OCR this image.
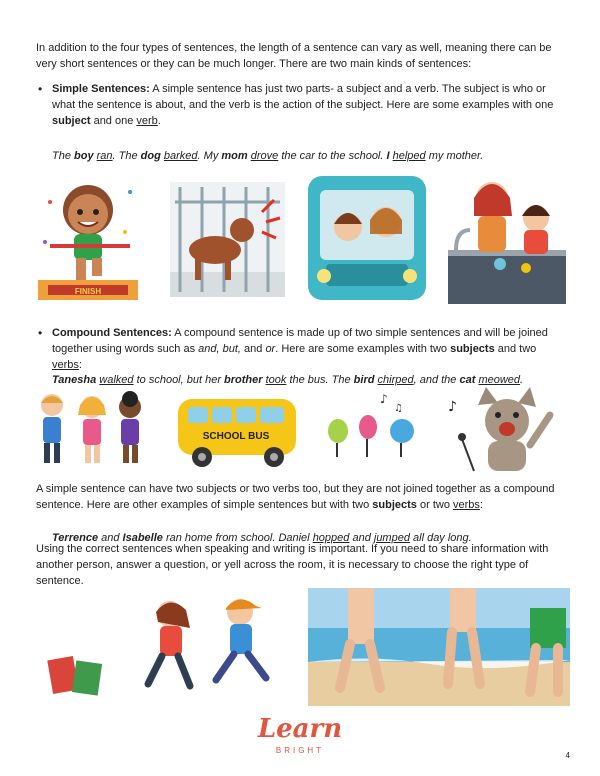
In addition to the four types of sentences, the length of a sentence can vary as well, meaning there can be very short sentences or they can be much longer. There are two main kinds of sentences:

• Simple Sentences: A simple sentence has just two parts- a subject and a verb. The subject is who or what the sentence is about, and the verb is the action of the subject. Here are some examples with one subject and one verb.

The boy ran. The dog barked. My mom drove the car to the school. I helped my mother.

FINISH
• Compound Sentences: A compound sentence is made up of two simple sentences and will be joined together using words such as and, but, and or. Here are some examples with two subjects and two verbs:

Tanesha walked to school, but her brother took the bus. The bird chirped, and the cat meowed.

SCHOOL BUS
♪
♫	♪

A simple sentence can have two subjects or two verbs too, but they are not joined together as a compound sentence. Here are other examples of simple sentences but with two subjects or two verbs:

Terrence and Isabelle ran home from school. Daniel hopped and jumped all day long.

Using the correct sentences when speaking and writing is important. If you need to share information with another person, answer a question, or yell across the room, it is necessary to choose the right type of sentence.

Learn
BRIGHT
4
